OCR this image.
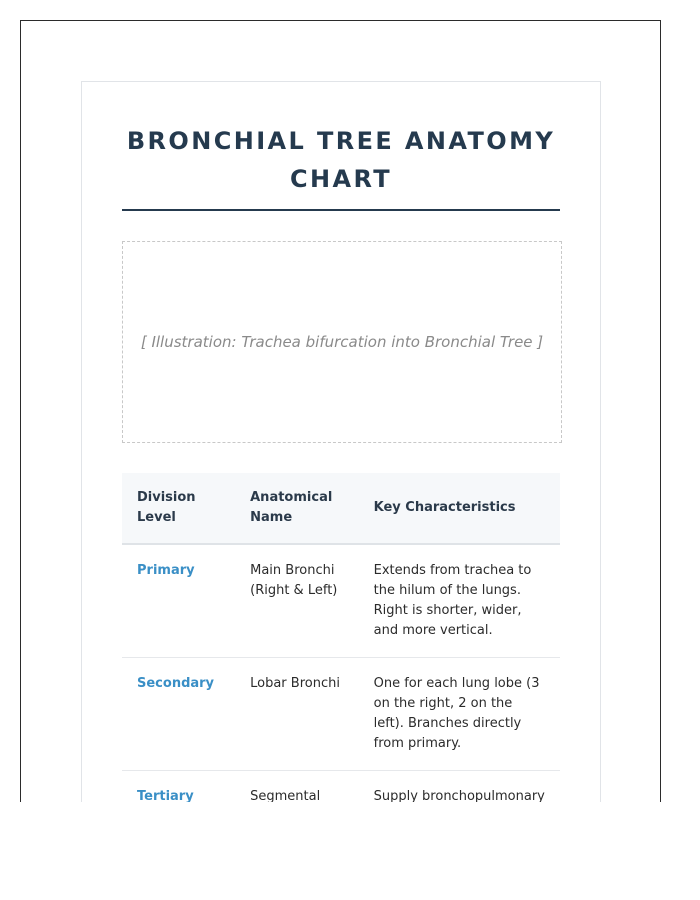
BRONCHIAL TREE ANATOMY CHART
[ Illustration: Trachea bifurcation into Bronchial Tree ]
Division Level	Anatomical Name	Key Characteristics
Primary	Main Bronchi (Right & Left)	Extends from trachea to the hilum of the lungs. Right is shorter, wider, and more vertical.
Secondary	Lobar Bronchi	One for each lung lobe (3 on the right, 2 on the left). Branches directly from primary.
Tertiary	Segmental	Supply bronchopulmonary
